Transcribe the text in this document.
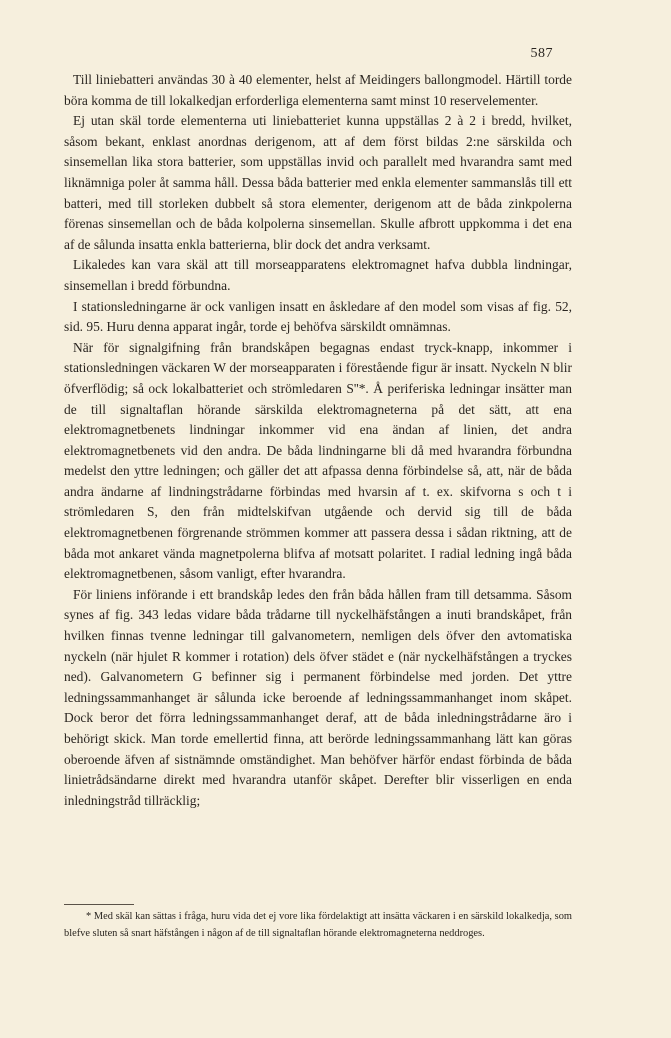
587

Till liniebatteri användas 30 à 40 elementer, helst af Meidingers ballongmodel. Härtill torde böra komma de till lokalkedjan erforderliga elementerna samt minst 10 reservelementer.

Ej utan skäl torde elementerna uti liniebatteriet kunna uppställas 2 à 2 i bredd, hvilket, såsom bekant, enklast anordnas derigenom, att af dem först bildas 2:ne särskilda och sinsemellan lika stora batterier, som uppställas invid och parallelt med hvarandra samt med liknämniga poler åt samma håll. Dessa båda batterier med enkla elementer sammanslås till ett batteri, med till storleken dubbelt så stora elementer, derigenom att de båda zinkpolerna förenas sinsemellan och de båda kolpolerna sinsemellan. Skulle afbrott uppkomma i det ena af de sålunda insatta enkla batterierna, blir dock det andra verksamt.

Likaledes kan vara skäl att till morseapparatens elektromagnet hafva dubbla lindningar, sinsemellan i bredd förbundna.

I stationsledningarne är ock vanligen insatt en åskledare af den model som visas af fig. 52, sid. 95. Huru denna apparat ingår, torde ej behöfva särskildt omnämnas.

När för signalgifning från brandskåpen begagnas endast tryck-knapp, inkommer i stationsledningen väckaren W der morseapparaten i förestående figur är insatt. Nyckeln N blir öfverflödig; så ock lokalbatteriet och strömledaren S''*. Å periferiska ledningar insätter man de till signaltaflan hörande särskilda elektromagneterna på det sätt, att ena elektromagnetbenets lindningar inkommer vid ena ändan af linien, det andra elektromagnetbenets vid den andra. De båda lindningarne bli då med hvarandra förbundna medelst den yttre ledningen; och gäller det att afpassa denna förbindelse så, att, när de båda andra ändarne af lindningstrådarne förbindas med hvarsin af t. ex. skifvorna s och t i strömledaren S, den från midtelskifvan utgående och dervid sig till de båda elektromagnetbenen förgrenande strömmen kommer att passera dessa i sådan riktning, att de båda mot ankaret vända magnetpolerna blifva af motsatt polaritet. I radial ledning ingå båda elektromagnetbenen, såsom vanligt, efter hvarandra.

För liniens införande i ett brandskåp ledes den från båda hållen fram till detsamma. Såsom synes af fig. 343 ledas vidare båda trådarne till nyckelhäfstången a inuti brandskåpet, från hvilken finnas tvenne ledningar till galvanometern, nemligen dels öfver den avtomatiska nyckeln (när hjulet R kommer i rotation) dels öfver städet e (när nyckelhäfstången a tryckes ned). Galvanometern G befinner sig i permanent förbindelse med jorden. Det yttre ledningssammanhanget är sålunda icke beroende af ledningssammanhanget inom skåpet. Dock beror det förra ledningssammanhanget deraf, att de båda inledningstrådarne äro i behörigt skick. Man torde emellertid finna, att berörde ledningssammanhang lätt kan göras oberoende äfven af sistnämnde omständighet. Man behöfver härför endast förbinda de båda linietrådsändarne direkt med hvarandra utanför skåpet. Derefter blir visserligen en enda inledningstråd tillräcklig;

* Med skäl kan sättas i fråga, huru vida det ej vore lika fördelaktigt att insätta väckaren i en särskild lokalkedja, som blefve sluten så snart häfstången i någon af de till signaltaflan hörande elektromagneterna neddroges.
